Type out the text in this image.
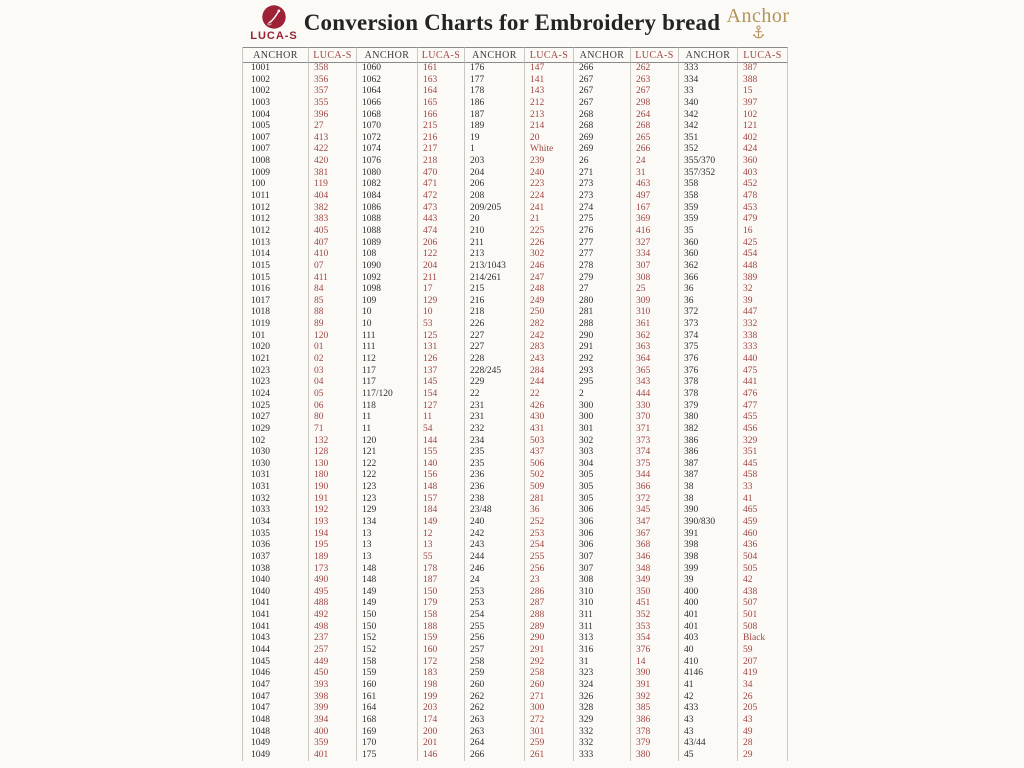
LUCA-S
Conversion Charts for Embroidery bread Anchor
ANCHOR	LUCA-S	ANCHOR	LUCA-S	ANCHOR	LUCA-S	ANCHOR	LUCA-S	ANCHOR	LUCA-S
1001	358	1060	161	176	147	266	262	333	387
1002	356	1062	163	177	141	267	263	334	388
1002	357	1064	164	178	143	267	267	33	15
1003	355	1066	165	186	212	267	298	340	397
1004	396	1068	166	187	213	268	264	342	102
1005	27	1070	215	189	214	268	268	342	121
1007	413	1072	216	19	20	269	265	351	402
1007	422	1074	217	1	White	269	266	352	424
1008	420	1076	218	203	239	26	24	355/370	360
1009	381	1080	470	204	240	271	31	357/352	403
100	119	1082	471	206	223	273	463	358	452
1011	404	1084	472	208	224	273	497	358	478
1012	382	1086	473	209/205	241	274	167	359	453
1012	383	1088	443	20	21	275	369	359	479
1012	405	1088	474	210	225	276	416	35	16
1013	407	1089	206	211	226	277	327	360	425
1014	410	108	122	213	302	277	334	360	454
1015	07	1090	204	213/1043	246	278	307	362	448
1015	411	1092	211	214/261	247	279	308	366	389
1016	84	1098	17	215	248	27	25	36	32
1017	85	109	129	216	249	280	309	36	39
1018	88	10	10	218	250	281	310	372	447
1019	89	10	53	226	282	288	361	373	332
101	120	111	125	227	242	290	362	374	338
1020	01	111	131	227	283	291	363	375	333
1021	02	112	126	228	243	292	364	376	440
1023	03	117	137	228/245	284	293	365	376	475
1023	04	117	145	229	244	295	343	378	441
1024	05	117/120	154	22	22	2	444	378	476
1025	06	118	127	231	426	300	330	379	477
1027	80	11	11	231	430	300	370	380	455
1029	71	11	54	232	431	301	371	382	456
102	132	120	144	234	503	302	373	386	329
1030	128	121	155	235	437	303	374	386	351
1030	130	122	140	235	506	304	375	387	445
1031	180	122	156	236	502	305	344	387	458
1031	190	123	148	236	509	305	366	38	33
1032	191	123	157	238	281	305	372	38	41
1033	192	129	184	23/48	36	306	345	390	465
1034	193	134	149	240	252	306	347	390/830	459
1035	194	13	12	242	253	306	367	391	460
1036	195	13	13	243	254	306	368	398	436
1037	189	13	55	244	255	307	346	398	504
1038	173	148	178	246	256	307	348	399	505
1040	490	148	187	24	23	308	349	39	42
1040	495	149	150	253	286	310	350	400	438
1041	488	149	179	253	287	310	451	400	507
1041	492	150	158	254	288	311	352	401	501
1041	498	150	188	255	289	311	353	401	508
1043	237	152	159	256	290	313	354	403	Black
1044	257	152	160	257	291	316	376	40	59
1045	449	158	172	258	292	31	14	410	207
1046	450	159	183	259	258	323	390	4146	419
1047	393	160	198	260	260	324	391	41	34
1047	398	161	199	262	271	326	392	42	26
1047	399	164	203	262	300	328	385	433	205
1048	394	168	174	263	272	329	386	43	43
1048	400	169	200	263	301	332	378	43	49
1049	359	170	201	264	259	332	379	43/44	28
1049	401	175	146	266	261	333	380	45	29
